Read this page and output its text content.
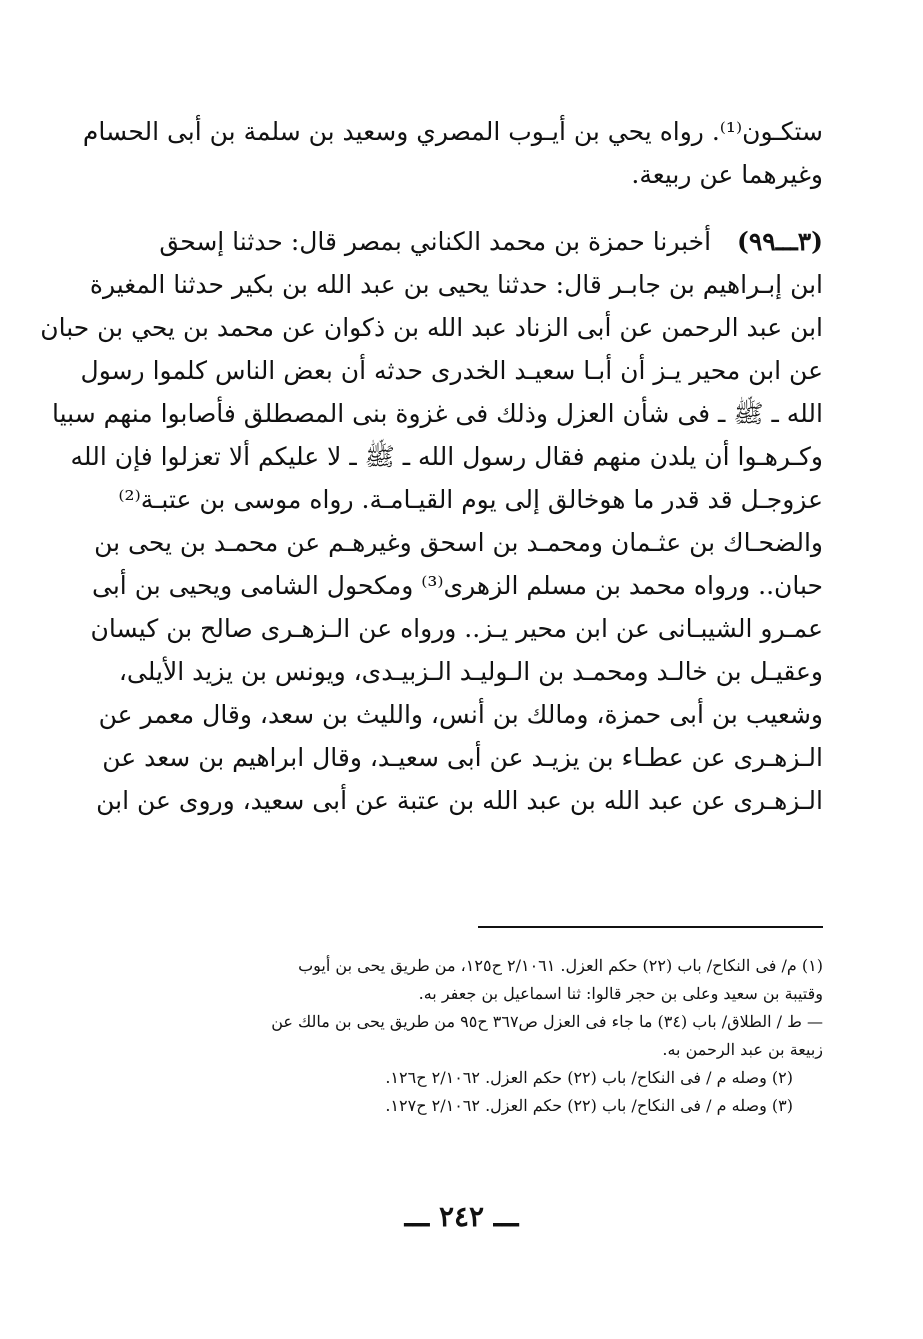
ستكـون⁽¹⁾. رواه يحي بن أيـوب المصري وسعيد بن سلمة بن أبى الحسام
وغيرهما عن ربيعة.
(٣ـــ٩٩) أخبرنا حمزة بن محمد الكناني بمصر قال: حدثنا إسحق
ابن إبـراهيم بن جابـر قال: حدثنا يحيى بن عبد الله بن بكير حدثنا المغيرة
ابن عبد الرحمن عن أبى الزناد عبد الله بن ذكوان عن محمد بن يحي بن حبان
عن ابن محير يـز أن أبـا سعيـد الخدرى حدثه أن بعض الناس كلموا رسول
الله ـ ﷺ ـ فى شأن العزل وذلك فى غزوة بنى المصطلق فأصابوا منهم سبيا
وكـرهـوا أن يلدن منهم فقال رسول الله ـ ﷺ ـ لا عليكم ألا تعزلوا فإن الله
عزوجـل قد قدر ما هوخالق إلى يوم القيـامـة. رواه موسى بن عتبـة⁽²⁾
والضحـاك بن عثـمان ومحمـد بن اسحق وغيرهـم عن محمـد بن يحى بن
حبان.. ورواه محمد بن مسلم الزهرى⁽³⁾ ومكحول الشامى ويحيى بن أبى
عمـرو الشيبـانى عن ابن محير يـز.. ورواه عن الـزهـرى صالح بن كيسان
وعقيـل بن خالـد ومحمـد بن الـوليـد الـزبيـدى، ويونس بن يزيد الأيلى،
وشعيب بن أبى حمزة، ومالك بن أنس، والليث بن سعد، وقال معمر عن
الـزهـرى عن عطـاء بن يزيـد عن أبى سعيـد، وقال ابراهيم بن سعد عن
الـزهـرى عن عبد الله بن عبد الله بن عتبة عن أبى سعيد، وروى عن ابن
(١) م/ فى النكاح/ باب (٢٢) حكم العزل. ٢/١٠٦١ ح١٢٥، من طريق يحى بن أيوب
وقتيبة بن سعيد وعلى بن حجر قالوا: ثنا اسماعيل بن جعفر به.
— ط / الطلاق/ باب (٣٤) ما جاء فى العزل ص٣٦٧ ح٩٥ من طريق يحى بن مالك عن
زبيعة بن عبد الرحمن به.
(٢) وصله م / فى النكاح/ باب (٢٢) حكم العزل. ٢/١٠٦٢ ح١٢٦.
(٣) وصله م / فى النكاح/ باب (٢٢) حكم العزل. ٢/١٠٦٢ ح١٢٧.
ـــ ٢٤٢ ـــ
